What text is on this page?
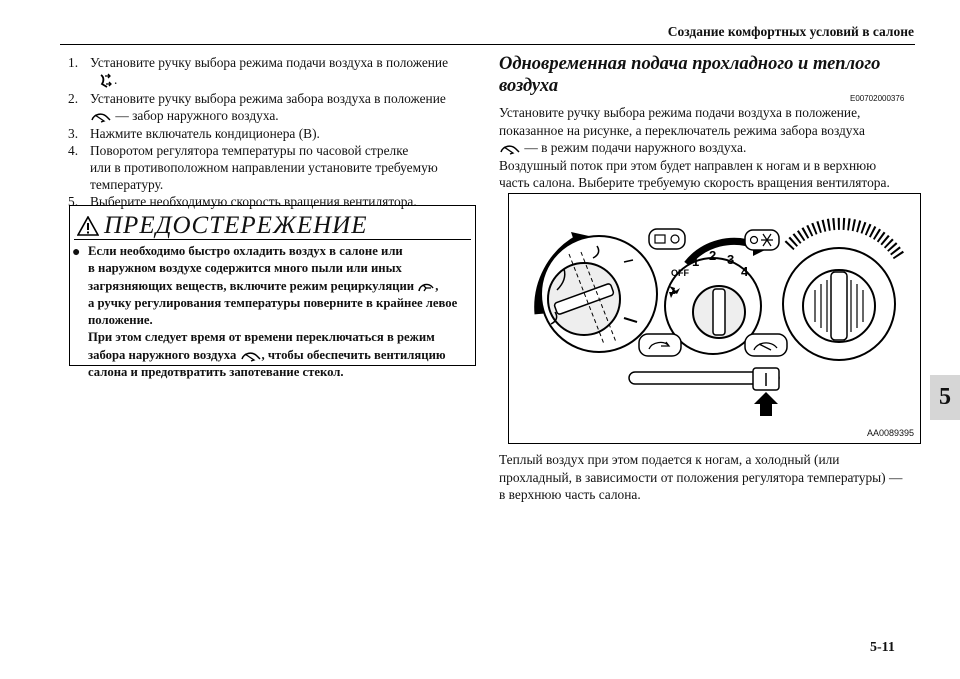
Создание комфортных условий в салоне
1. Установите ручку выбора режима подачи воздуха в положение
.
2. Установите ручку выбора режима забора воздуха в положение
— забор наружного воздуха.
3. Нажмите включатель кондиционера (В).
4. Поворотом регулятора температуры по часовой стрелке
или в противоположном направлении установите требуемую
температуру.
5. Выберите необходимую скорость вращения вентилятора.
ПРЕДОСТЕРЕЖЕНИЕ
● Если необходимо быстро охладить воздух в салоне или
в наружном воздухе содержится много пыли или иных
загрязняющих веществ, включите режим рециркуляции ,
а ручку регулирования температуры поверните в крайнее левое
положение.
При этом следует время от времени переключаться в режим
забора наружного воздуха , чтобы обеспечить вентиляцию
салона и предотвратить запотевание стекол.
Одновременная подача прохладного и теплого
воздуха
E00702000376
Установите ручку выбора режима подачи воздуха в положение,
показанное на рисунке, а переключатель режима забора воздуха
— в режим подачи наружного воздуха.
Воздушный поток при этом будет направлен к ногам и в верхнюю
часть салона. Выберите требуемую скорость вращения вентилятора.
OFF
1 2 3
4
AA0089395
Теплый воздух при этом подается к ногам, а холодный (или
прохладный, в зависимости от положения регулятора температуры) —
в верхнюю часть салона.
5
5-11
